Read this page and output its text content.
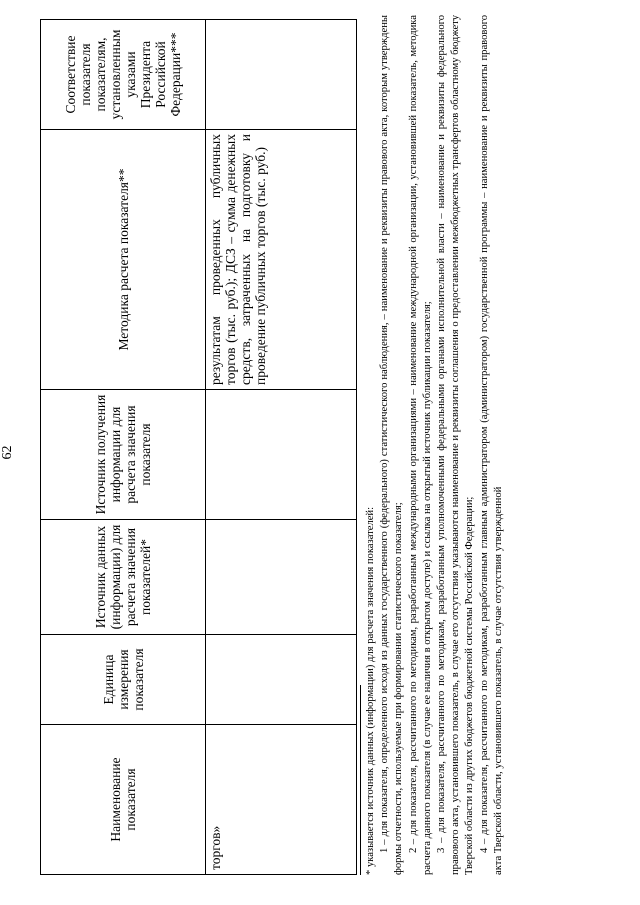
62
Наименование показателя	Единица измерения показателя	Источник данных (информации) для расчета значения показателей*	Источник получения информации для расчета значения показателя	Методика расчета показателя**	Соответствие показателя показателям, установленным указами Президента Российской Федерации***
торгов»				результатам проведенных публичных торгов (тыс. руб.); ДСЗ – сумма денежных средств, затраченных на подготовку и проведение публичных торгов (тыс. руб.)	

* указывается источник данных (информации) для расчета значения показателей: 1 – для показателя, определенного исходя из данных государственного (федерального) статистического наблюдения, – наименование и реквизиты правового акта, которым утверждены формы отчетности, используемые при формировании статистического показателя; 2 – для показателя, рассчитанного по методикам, разработанным международными организациями – наименование международной организации, установившей показатель, методика расчета данного показателя (в случае ее наличия в открытом доступе) и ссылка на открытый источник публикации показателя; 3 – для показателя, рассчитанного по методикам, разработанным уполномоченными федеральными органами исполнительной власти – наименование и реквизиты федерального правового акта, установившего показатель, в случае его отсутствия указываются наименование и реквизиты соглашения о предоставлении межбюджетных трансфертов областному бюджету Тверской области из других бюджетов бюджетной системы Российской Федерации; 4 – для показателя, рассчитанного по методикам, разработанным главным администратором (администратором) государственной программы – наименование и реквизиты правового акта Тверской области, установившего показатель, в случае отсутствия утвержденной
